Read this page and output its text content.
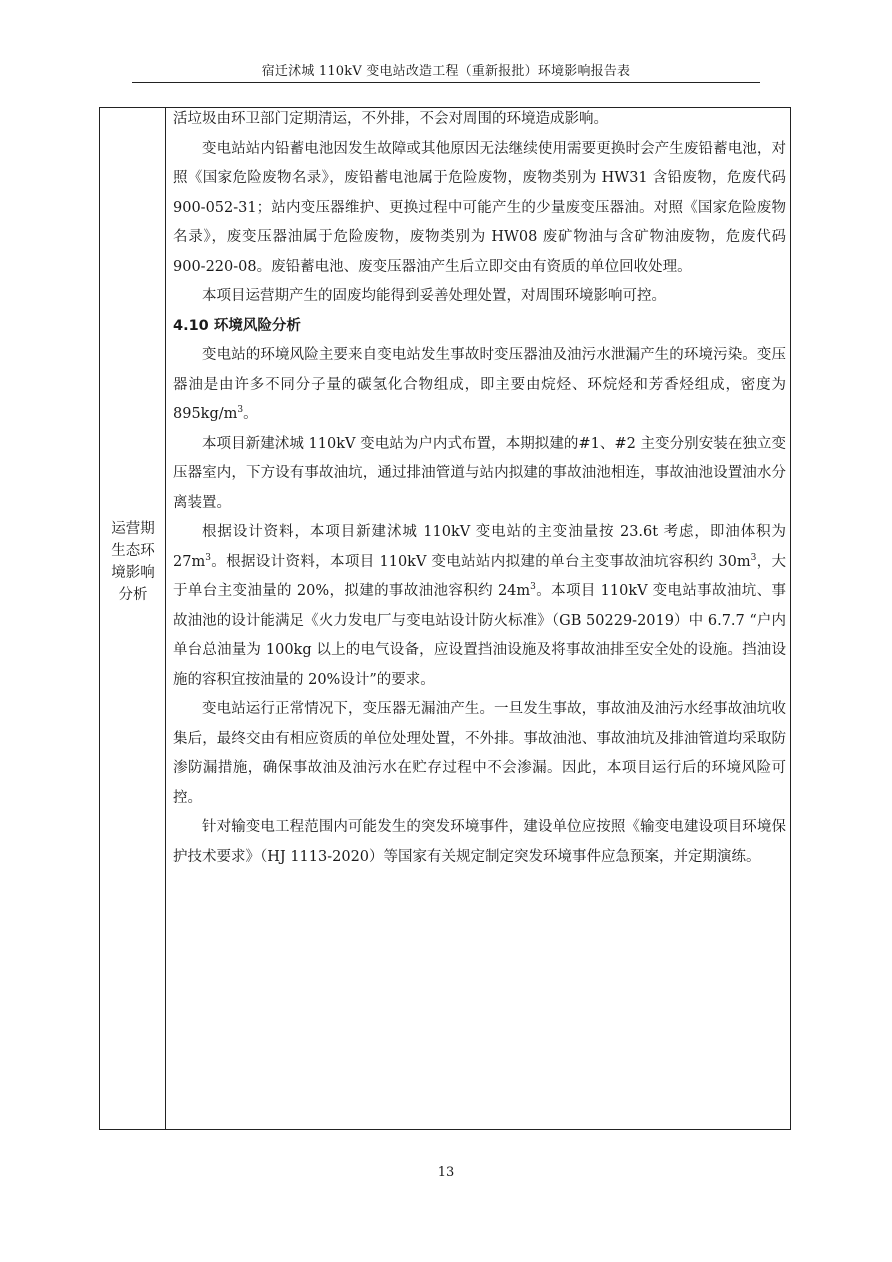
宿迁沭城 110kV 变电站改造工程（重新报批）环境影响报告表
运营期
生态环
境影响
分析

活垃圾由环卫部门定期清运，不外排，不会对周围的环境造成影响。

变电站站内铅蓄电池因发生故障或其他原因无法继续使用需要更换时会产生废铅蓄电池，对照《国家危险废物名录》，废铅蓄电池属于危险废物，废物类别为 HW31 含铅废物，危废代码 900-052-31；站内变压器维护、更换过程中可能产生的少量废变压器油。对照《国家危险废物名录》，废变压器油属于危险废物，废物类别为 HW08 废矿物油与含矿物油废物，危废代码 900-220-08。废铅蓄电池、废变压器油产生后立即交由有资质的单位回收处理。

本项目运营期产生的固废均能得到妥善处理处置，对周围环境影响可控。

4.10 环境风险分析

变电站的环境风险主要来自变电站发生事故时变压器油及油污水泄漏产生的环境污染。变压器油是由许多不同分子量的碳氢化合物组成，即主要由烷烃、环烷烃和芳香烃组成，密度为 $895kg/m^3$。

本项目新建沭城 110kV 变电站为户内式布置，本期拟建的#1、#2 主变分别安装在独立变压器室内，下方设有事故油坑，通过排油管道与站内拟建的事故油池相连，事故油池设置油水分离装置。

根据设计资料，本项目新建沭城 110kV 变电站的主变油量按 23.6t 考虑，即油体积为 $27m^3$。根据设计资料，本项目 110kV 变电站站内拟建的单台主变事故油坑容积约 $30m^3$，大于单台主变油量的 20%，拟建的事故油池容积约 $24m^3$。本项目 110kV 变电站事故油坑、事故油池的设计能满足《火力发电厂与变电站设计防火标准》（GB 50229-2019）中 6.7.7 “户内单台总油量为 100kg 以上的电气设备，应设置挡油设施及将事故油排至安全处的设施。挡油设施的容积宜按油量的 20%设计”的要求。

变电站运行正常情况下，变压器无漏油产生。一旦发生事故，事故油及油污水经事故油坑收集后，最终交由有相应资质的单位处理处置，不外排。事故油池、事故油坑及排油管道均采取防渗防漏措施，确保事故油及油污水在贮存过程中不会渗漏。因此，本项目运行后的环境风险可控。

针对输变电工程范围内可能发生的突发环境事件，建设单位应按照《输变电建设项目环境保护技术要求》（HJ 1113-2020）等国家有关规定制定突发环境事件应急预案，并定期演练。

13
